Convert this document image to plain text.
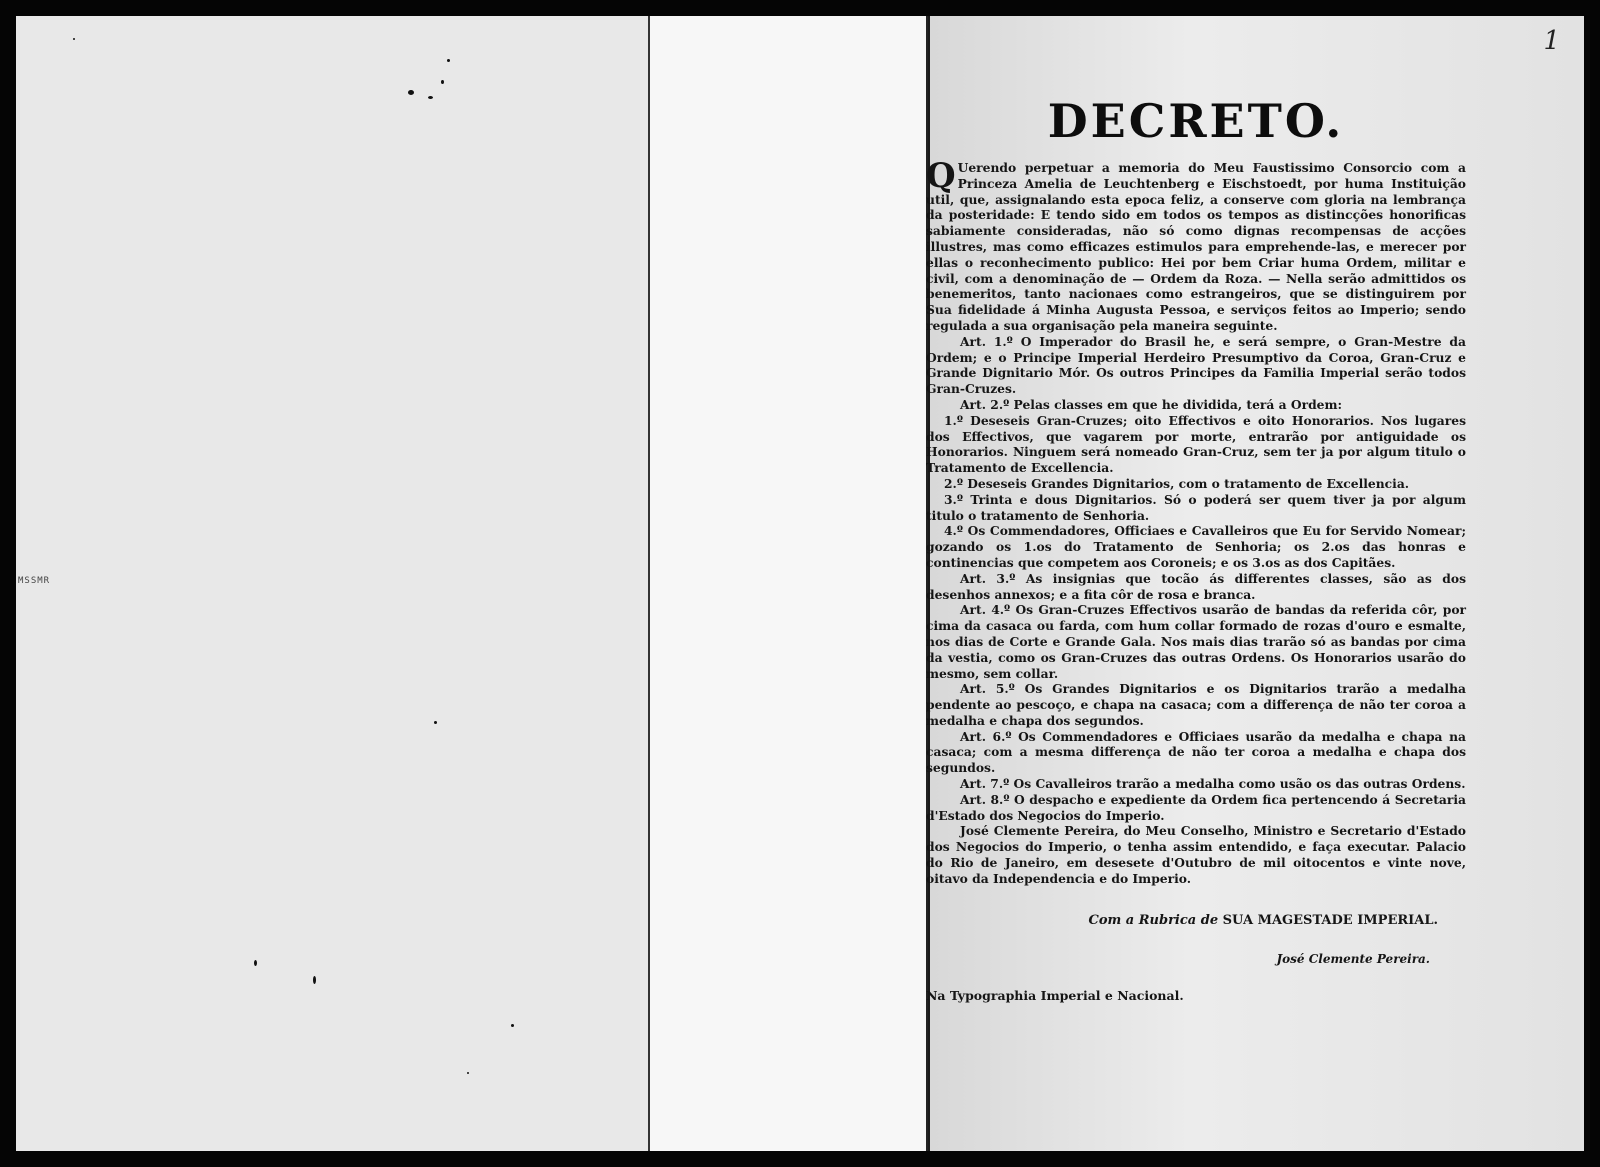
MSSMR
1
DECRETO.

Q Uerendo perpetuar a memoria do Meu Faustissimo Consorcio com a Princeza Amelia de Leuchtenberg e Eischstoedt, por huma Instituição util, que, assignalando esta epoca feliz, a conserve com gloria na lembrança da posteridade: E tendo sido em todos os tempos as distincções honorificas sabiamente consideradas, não só como dignas recompensas de acções illustres, mas como efficazes estimulos para emprehende-las, e merecer por ellas o reconhecimento publico: Hei por bem Criar huma Ordem, militar e civil, com a denominação de — Ordem da Roza. — Nella serão admittidos os benemeritos, tanto nacionaes como estrangeiros, que se distinguirem por Sua fidelidade á Minha Augusta Pessoa, e serviços feitos ao Imperio; sendo regulada a sua organisação pela maneira seguinte.

Art. 1.º O Imperador do Brasil he, e será sempre, o Gran-Mestre da Ordem; e o Principe Imperial Herdeiro Presumptivo da Coroa, Gran-Cruz e Grande Dignitario Mór. Os outros Principes da Familia Imperial serão todos Gran-Cruzes.

Art. 2.º Pelas classes em que he dividida, terá a Ordem:

1.º Deseseis Gran-Cruzes; oito Effectivos e oito Honorarios. Nos lugares dos Effectivos, que vagarem por morte, entrarão por antiguidade os Honorarios. Ninguem será nomeado Gran-Cruz, sem ter ja por algum titulo o Tratamento de Excellencia.

2.º Deseseis Grandes Dignitarios, com o tratamento de Excellencia.

3.º Trinta e dous Dignitarios. Só o poderá ser quem tiver ja por algum titulo o tratamento de Senhoria.

4.º Os Commendadores, Officiaes e Cavalleiros que Eu for Servido Nomear; gozando os 1.os do Tratamento de Senhoria; os 2.os das honras e continencias que competem aos Coroneis; e os 3.os as dos Capitães.

Art. 3.º As insignias que tocão ás differentes classes, são as dos desenhos annexos; e a fita côr de rosa e branca.

Art. 4.º Os Gran-Cruzes Effectivos usarão de bandas da referida côr, por cima da casaca ou farda, com hum collar formado de rozas d'ouro e esmalte, nos dias de Corte e Grande Gala. Nos mais dias trarão só as bandas por cima da vestia, como os Gran-Cruzes das outras Ordens. Os Honorarios usarão do mesmo, sem collar.

Art. 5.º Os Grandes Dignitarios e os Dignitarios trarão a medalha pendente ao pescoço, e chapa na casaca; com a differença de não ter coroa a medalha e chapa dos segundos.

Art. 6.º Os Commendadores e Officiaes usarão da medalha e chapa na casaca; com a mesma differença de não ter coroa a medalha e chapa dos segundos.

Art. 7.º Os Cavalleiros trarão a medalha como usão os das outras Ordens.

Art. 8.º O despacho e expediente da Ordem fica pertencendo á Secretaria d'Estado dos Negocios do Imperio.

José Clemente Pereira, do Meu Conselho, Ministro e Secretario d'Estado dos Negocios do Imperio, o tenha assim entendido, e faça executar. Palacio do Rio de Janeiro, em desesete d'Outubro de mil oitocentos e vinte nove, oitavo da Independencia e do Imperio.

Com a Rubrica de SUA MAGESTADE IMPERIAL.
José Clemente Pereira.
Na Typographia Imperial e Nacional.
